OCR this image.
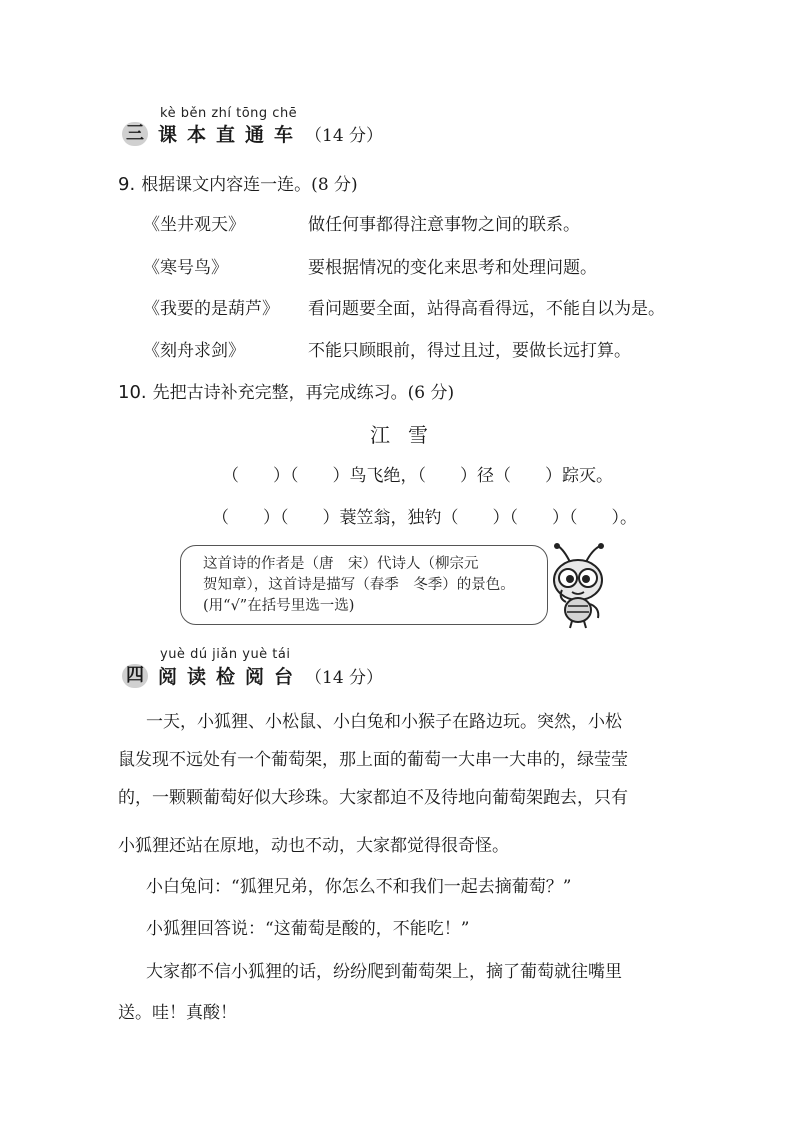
kè běn zhí tōng chē
三 课本直通车 （14 分）
9. 根据课文内容连一连。(8 分)
《坐井观天》
《寒号鸟》
《我要的是葫芦》
《刻舟求剑》
做任何事都得注意事物之间的联系。
要根据情况的变化来思考和处理问题。
看问题要全面，站得高看得远，不能自以为是。
不能只顾眼前，得过且过，要做长远打算。
10. 先把古诗补充完整，再完成练习。(6 分)
江雪
（　　）（　　）鸟飞绝，（　　）径（　　）踪灭。
（　　）（　　）蓑笠翁，独钓（　　）（　　）（　　）。

这首诗的作者是（唐　宋）代诗人（柳宗元

贺知章），这首诗是描写（春季　冬季）的景色。

(用“√”在括号里选一选)

yuè dú jiǎn yuè tái
四 阅读检阅台 （14 分）
一天，小狐狸、小松鼠、小白兔和小猴子在路边玩。突然，小松
鼠发现不远处有一个葡萄架，那上面的葡萄一大串一大串的，绿莹莹
的，一颗颗葡萄好似大珍珠。大家都迫不及待地向葡萄架跑去，只有
小狐狸还站在原地，动也不动，大家都觉得很奇怪。
小白兔问：“狐狸兄弟，你怎么不和我们一起去摘葡萄？”
小狐狸回答说：“这葡萄是酸的，不能吃！”
大家都不信小狐狸的话，纷纷爬到葡萄架上，摘了葡萄就往嘴里
送。哇！真酸！
